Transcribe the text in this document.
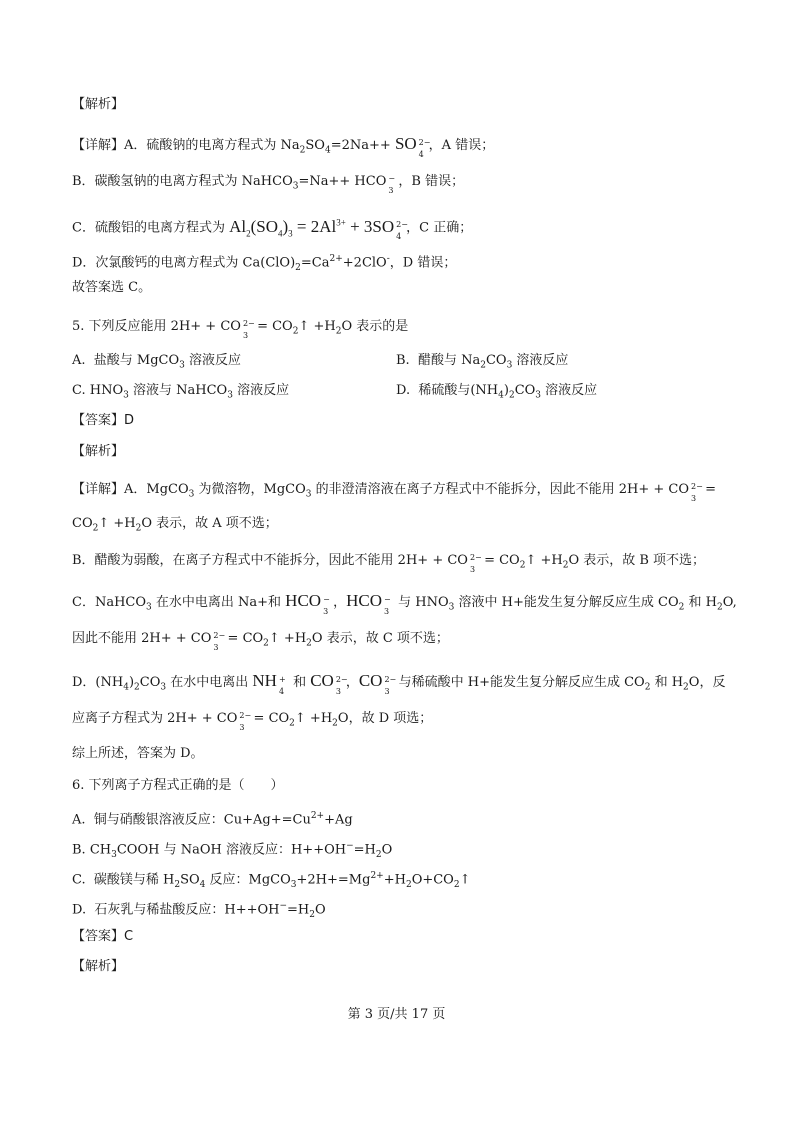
【解析】
【详解】A．硫酸钠的电离方程式为 $Na_2SO_4=2Na++$ SO 2−
4
，A 错误；
B．碳酸氢钠的电离方程式为 NaHCO$_3$=Na++ HCO −
3
，B 错误；
C．硫酸铝的电离方程式为 $Al_2(SO_4)_3 = 2Al^{3+} + 3SO$ 2−
4
，C 正确；
D．次氯酸钙的电离方程式为 $Ca(ClO)_2=Ca^{2+}+2ClO^-$，D 错误；
故答案选 C。
5. 下列反应能用 2H+ + CO 2−
3
= $CO_2↑ +H_2O$ 表示的是
A.  盐酸与 MgCO$_3$ 溶液反应	B.  醋酸与 $Na_2CO_3$ 溶液反应
C. $HNO_3$ 溶液与 NaHCO$_3$ 溶液反应	D.  稀硫酸与$(NH_4)_2CO_3$ 溶液反应
【答案】D
【解析】
【详解】A．MgCO$_3$ 为微溶物，MgCO$_3$ 的非澄清溶液在离子方程式中不能拆分，因此不能用 2H+ + CO 2−
3
=
$CO_2↑ +H_2O$ 表示，故 A 项不选；
B．醋酸为弱酸，在离子方程式中不能拆分，因此不能用 2H+ + CO 2−
3
= $CO_2↑ +H_2O$ 表示，故 B 项不选；
C．NaHCO$_3$ 在水中电离出 Na+和 HCO −
3
，HCO −
3
与 $HNO_3$ 溶液中 H+能发生复分解反应生成 $CO_2$ 和 $H_2O$,
因此不能用 2H+ + CO 2−
3
= $CO_2↑ +H_2O$ 表示，故 C 项不选；
D．$(NH_4)_2CO_3$ 在水中电离出 NH +
4
和 CO 2−
3
，CO 2−
3
与稀硫酸中 H+能发生复分解反应生成 $CO_2$ 和 $H_2O$，反
应离子方程式为 2H+ + CO 2−
3
= $CO_2↑ +H_2O$，故 D 项选；
综上所述，答案为 D。
6. 下列离子方程式正确的是（　　）
A.  铜与硝酸银溶液反应：$Cu+Ag+=Cu^{2+}+Ag$
B. $CH_3COOH$ 与 NaOH 溶液反应：$H++OH^-=H_2O$
C.  碳酸镁与稀 $H_2SO_4$ 反应：$MgCO_3+2H+=Mg^{2+}+H_2O+CO_2↑$
D.  石灰乳与稀盐酸反应：$H++OH^-=H_2O$
【答案】C
【解析】
第 3 页/共 17 页
